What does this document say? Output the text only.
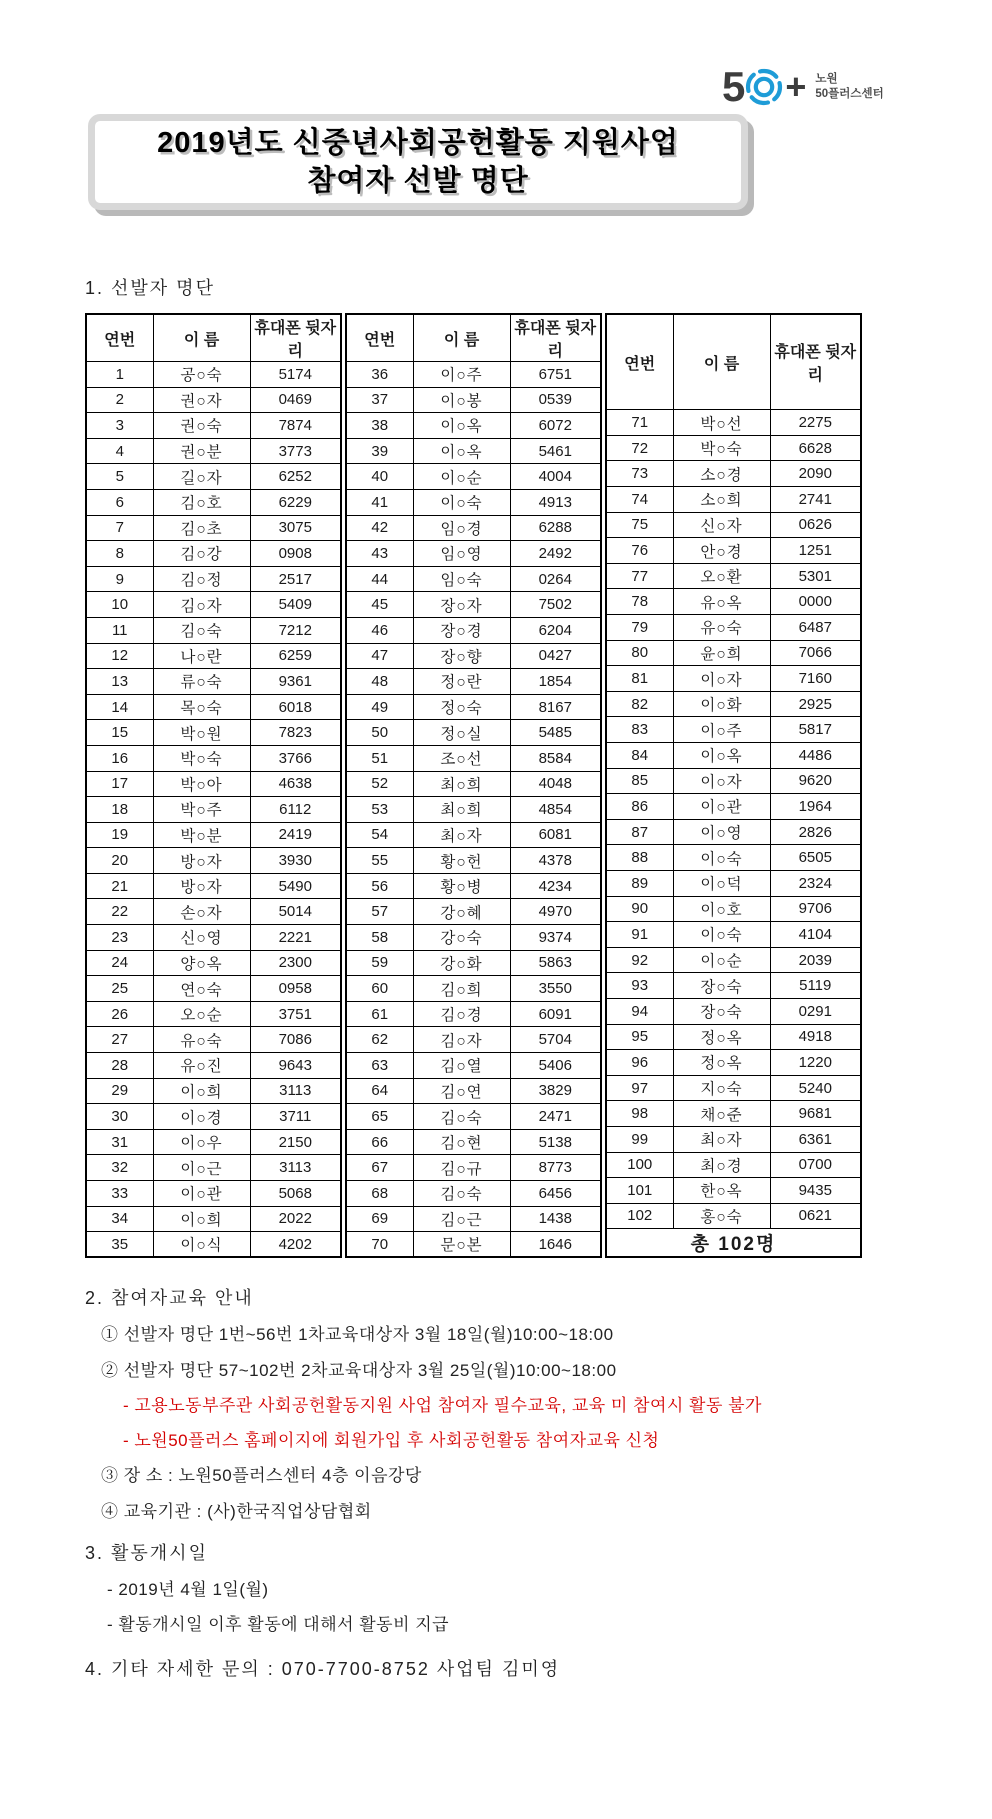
5 + 노원
50플러스센터
2019년도 신중년사회공헌활동 지원사업
참여자 선발 명단
1. 선발자 명단
연번	이 름	휴대폰 뒷자리
1	공○숙	5174
2	권○자	0469
3	권○숙	7874
4	권○분	3773
5	길○자	6252
6	김○호	6229
7	김○초	3075
8	김○강	0908
9	김○정	2517
10	김○자	5409
11	김○숙	7212
12	나○란	6259
13	류○숙	9361
14	목○숙	6018
15	박○원	7823
16	박○숙	3766
17	박○아	4638
18	박○주	6112
19	박○분	2419
20	방○자	3930
21	방○자	5490
22	손○자	5014
23	신○영	2221
24	양○옥	2300
25	연○숙	0958
26	오○순	3751
27	유○숙	7086
28	유○진	9643
29	이○희	3113
30	이○경	3711
31	이○우	2150
32	이○근	3113
33	이○관	5068
34	이○희	2022
35	이○식	4202
연번	이 름	휴대폰 뒷자리
36	이○주	6751
37	이○봉	0539
38	이○옥	6072
39	이○옥	5461
40	이○순	4004
41	이○숙	4913
42	임○경	6288
43	임○영	2492
44	임○숙	0264
45	장○자	7502
46	장○경	6204
47	장○향	0427
48	정○란	1854
49	정○숙	8167
50	정○실	5485
51	조○선	8584
52	최○희	4048
53	최○희	4854
54	최○자	6081
55	황○헌	4378
56	황○병	4234
57	강○혜	4970
58	강○숙	9374
59	강○화	5863
60	김○희	3550
61	김○경	6091
62	김○자	5704
63	김○열	5406
64	김○연	3829
65	김○숙	2471
66	김○현	5138
67	김○규	8773
68	김○숙	6456
69	김○근	1438
70	문○본	1646
연번	이 름	휴대폰 뒷자리
71	박○선	2275
72	박○숙	6628
73	소○경	2090
74	소○희	2741
75	신○자	0626
76	안○경	1251
77	오○환	5301
78	유○옥	0000
79	유○숙	6487
80	윤○희	7066
81	이○자	7160
82	이○화	2925
83	이○주	5817
84	이○옥	4486
85	이○자	9620
86	이○관	1964
87	이○영	2826
88	이○숙	6505
89	이○덕	2324
90	이○호	9706
91	이○숙	4104
92	이○순	2039
93	장○숙	5119
94	장○숙	0291
95	정○옥	4918
96	정○옥	1220
97	지○숙	5240
98	채○준	9681
99	최○자	6361
100	최○경	0700
101	한○옥	9435
102	홍○숙	0621
총 102명		
2. 참여자교육 안내
① 선발자 명단 1번~56번 1차교육대상자 3월 18일(월)10:00~18:00
② 선발자 명단 57~102번 2차교육대상자 3월 25일(월)10:00~18:00
- 고용노동부주관 사회공헌활동지원 사업 참여자 필수교육, 교육 미 참여시 활동 불가
- 노원50플러스 홈페이지에 회원가입 후 사회공헌활동 참여자교육 신청
③ 장 소 : 노원50플러스센터 4층 이음강당
④ 교육기관 : (사)한국직업상담협회
3. 활동개시일
- 2019년 4월 1일(월)
- 활동개시일 이후 활동에 대해서 활동비 지급
4. 기타 자세한 문의 : 070-7700-8752 사업팀 김미영
